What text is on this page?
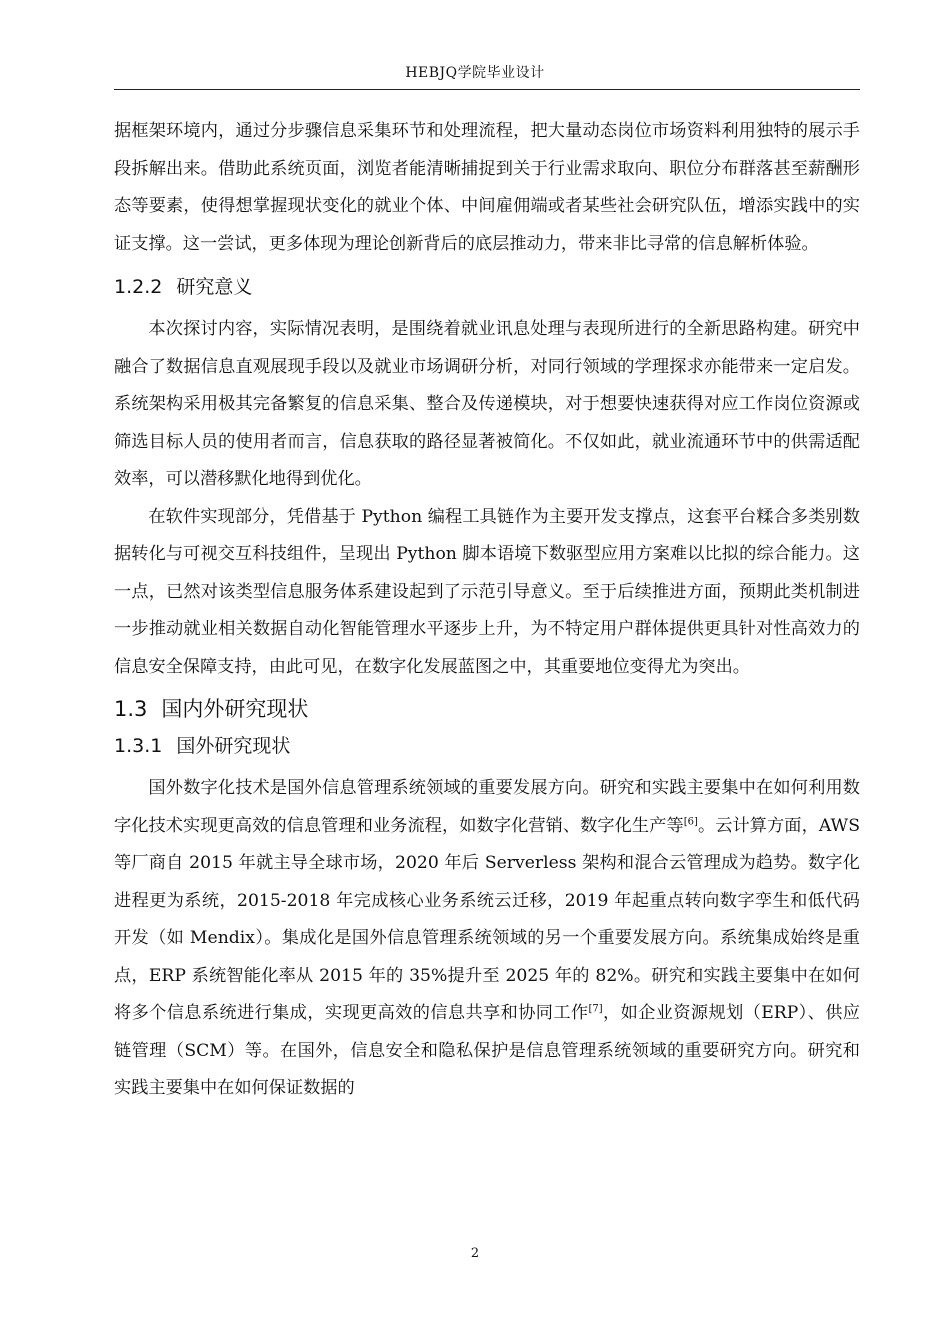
HEBJQ学院毕业设计

据框架环境内，通过分步骤信息采集环节和处理流程，把大量动态岗位市场资料利用独特的展示手段拆解出来。借助此系统页面，浏览者能清晰捕捉到关于行业需求取向、职位分布群落甚至薪酬形态等要素，使得想掌握现状变化的就业个体、中间雇佣端或者某些社会研究队伍，增添实践中的实证支撑。这一尝试，更多体现为理论创新背后的底层推动力，带来非比寻常的信息解析体验。

1.2.2 研究意义

本次探讨内容，实际情况表明，是围绕着就业讯息处理与表现所进行的全新思路构建。研究中融合了数据信息直观展现手段以及就业市场调研分析，对同行领域的学理探求亦能带来一定启发。系统架构采用极其完备繁复的信息采集、整合及传递模块，对于想要快速获得对应工作岗位资源或筛选目标人员的使用者而言，信息获取的路径显著被简化。不仅如此，就业流通环节中的供需适配效率，可以潜移默化地得到优化。

在软件实现部分，凭借基于 Python 编程工具链作为主要开发支撑点，这套平台糅合多类别数据转化与可视交互科技组件，呈现出 Python 脚本语境下数驱型应用方案难以比拟的综合能力。这一点，已然对该类型信息服务体系建设起到了示范引导意义。至于后续推进方面，预期此类机制进一步推动就业相关数据自动化智能管理水平逐步上升，为不特定用户群体提供更具针对性高效力的信息安全保障支持，由此可见，在数字化发展蓝图之中，其重要地位变得尤为突出。

1.3 国内外研究现状
1.3.1 国外研究现状

国外数字化技术是国外信息管理系统领域的重要发展方向。研究和实践主要集中在如何利用数字化技术实现更高效的信息管理和业务流程，如数字化营销、数字化生产等[6]。云计算方面，AWS 等厂商自 2015 年就主导全球市场，2020 年后 Serverless 架构和混合云管理成为趋势。数字化进程更为系统，2015-2018 年完成核心业务系统云迁移，2019 年起重点转向数字孪生和低代码开发（如 Mendix）。集成化是国外信息管理系统领域的另一个重要发展方向。系统集成始终是重点，ERP 系统智能化率从 2015 年的 35%提升至 2025 年的 82%。研究和实践主要集中在如何将多个信息系统进行集成，实现更高效的信息共享和协同工作[7]，如企业资源规划（ERP）、供应链管理（SCM）等。在国外，信息安全和隐私保护是信息管理系统领域的重要研究方向。研究和实践主要集中在如何保证数据的

2
